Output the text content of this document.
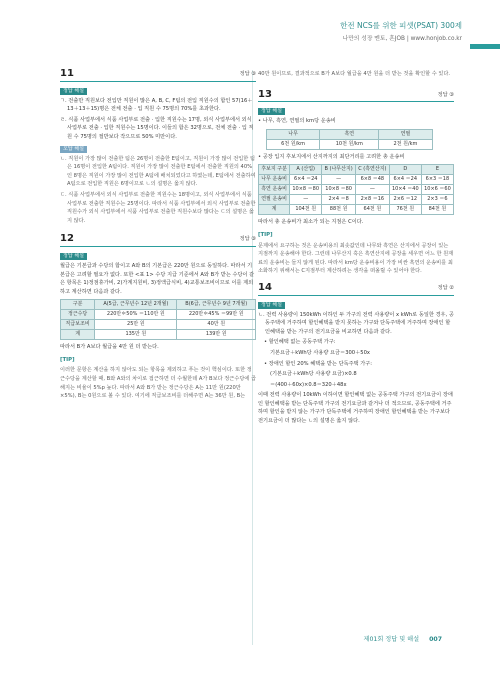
한전 NCS를 위한 피셋(PSAT) 300제
나만의 성장 멘토, 혼JOB | www.honjob.co.kr
11	정답 ③
정답 해설

ㄱ. 전출만 직원보다 전입만 직원이 많은 A, B, C, F팀의 전입 직원수의 합인 57(16＋13＋13＋15)명은 전체 전출 · 입 직원 수 75명의 70%를 초과한다.

ㄹ. 식품 사업부에서 식품 사업부로 전출 · 입한 직원수는 17명, 외식 사업부에서 외식사업부로 전출 · 입한 직원수는 15명이다. 이들의 합은 32명으로, 전체 전출 · 입 직원 수 75명의 절반보다 작으므로 50% 미만이다.

오답 해설

ㄴ. 직원이 가장 많이 전출한 팀은 26명이 전출한 E팀이고, 직원이 가장 많이 전입한 팀은 16명이 전입한 A팀이다. 직원이 가장 많이 전출한 E팀에서 전출한 직원의 40%인 8명은 직원이 가장 많이 전입한 A팀에 배치되었다고 하였는데, E팀에서 전출하여 A팀으로 전입한 직원은 6명이므로 ㄴ의 설명은 옳지 않다.

ㄷ. 식품 사업부에서 외식 사업부로 전출한 직원수는 18명이고, 외식 사업부에서 식품 사업부로 전출한 직원수는 25명이다. 따라서 식품 사업부에서 외식 사업부로 전출한 직원수가 외식 사업부에서 식품 사업부로 전출한 직원수보다 많다는 ㄷ의 설명은 옳지 않다.

12	정답 ③
정답 해설

월급은 기본급과 수당의 합이고 A와 B의 기본급은 220만 원으로 동일하다. 따라서 기본급은 고려할 필요가 없다. 또한 <표 1> 수당 지급 기준에서 A와 B가 받는 수당이 같은 항목은 1)정점휴가비, 2)가계지원비, 3)정액급식비, 4)교통보조비이므로 이를 제외하고 계산하면 다음과 같다.

구분	A(5급, 근무년수 12년 2개월)	B(6급, 근무년수 9년 7개월)
정근수당	220만＊50% ＝110만 원	220만＊45% ＝99만 원
직급보조비	25만 원	40만 원
계	135만 원	139만 원

따라서 B가 A보다 월급을 4만 원 더 받는다.

[TIP]

이러한 문항은 계산을 하지 않아도 되는 항목을 제외하고 푸는 것이 핵심이다. 또한 정근수당을 계산할 때, B와 A와의 차이로 접근하면 더 수월한데 A가 B보다 정근수당에 곱해지는 비율이 5%p 높다. 따라서 A와 B가 받는 정근수당은 A는 11만 원(220만×5%), B는 0원으로 볼 수 있다. 여기에 직급보조비를 더해주면 A는 36만 원, B는

40만 원이므로, 결과적으로 B가 A보다 월급을 4만 원을 더 받는 것을 확인할 수 있다.

13	정답 ③
정답 해설

• 나무, 흑연, 연필의 km당 운송비

나무	흑연	연필
6천 원/km	10천 원/km	2천 원/km

• 공장 입지 후보지에서 산지까지의 최단거리를 고려한 총 운송비

후보지 구분	A (산업)	B (나무산지)	C (흑연산지)	D	E
나무 운송비	6×4 ＝24	—	6×8 ＝48	6×4 ＝24	6×3 ＝18
흑연 운송비	10×8 ＝80	10×8 ＝80	—	10×4 ＝40	10×6 ＝60
연필 운송비	—	2×4 ＝8	2×8 ＝16	2×6 ＝12	2×3 ＝6
계	104천 원	88천 원	64천 원	76천 원	84천 원

따라서 총 운송비가 최소가 되는 지점은 C이다.

[TIP]

문제에서 요구하는 것은 운송비용의 최솟값인데 나무와 흑연은 산지에서 공장이 있는 지점까지 운송해야 한다. 그런데 나무산지 혹은 흑연산지에 공장을 세우면 어느 한 원재료의 운송비는 들지 않게 된다. 따라서 km당 운송비용이 가장 비싼 흑연의 운송비를 최소화하기 위해서는 C지점부터 계산하려는 생각을 떠올릴 수 있어야 한다.

14	정답 ②
정답 해설

ㄴ. 전력 사용량이 150kWh 이하인 두 가구의 전력 사용량이 x kWh로 동일한 경우, 공동주택에 거주하며 할인혜택을 받지 못하는 가구와 단독주택에 거주하며 장애인 할인혜택을 받는 가구의 전기요금을 비교하면 다음과 같다.

• 할인혜택 없는 공동주택 가구:

기본요금＋kWh당 사용량 요금＝300＋50x

• 장애인 할인 20% 혜택을 받는 단독주택 가구:

(기본요금＋kWh당 사용량 요금)×0.8

＝(400＋60x)×0.8＝320＋48x

이때 전력 사용량이 10kWh 이하이면 할인혜택 없는 공동주택 가구의 전기요금이 장애인 할인혜택을 받는 단독주택 가구의 전기요금과 같거나 더 적으므로, 공동주택에 거주하며 할인을 받지 않는 가구가 단독주택에 거주하며 장애인 할인혜택을 받는 가구보다 전기요금이 더 많다는 ㄴ의 설명은 옳지 않다.

제01회 정답 및 해설 007
